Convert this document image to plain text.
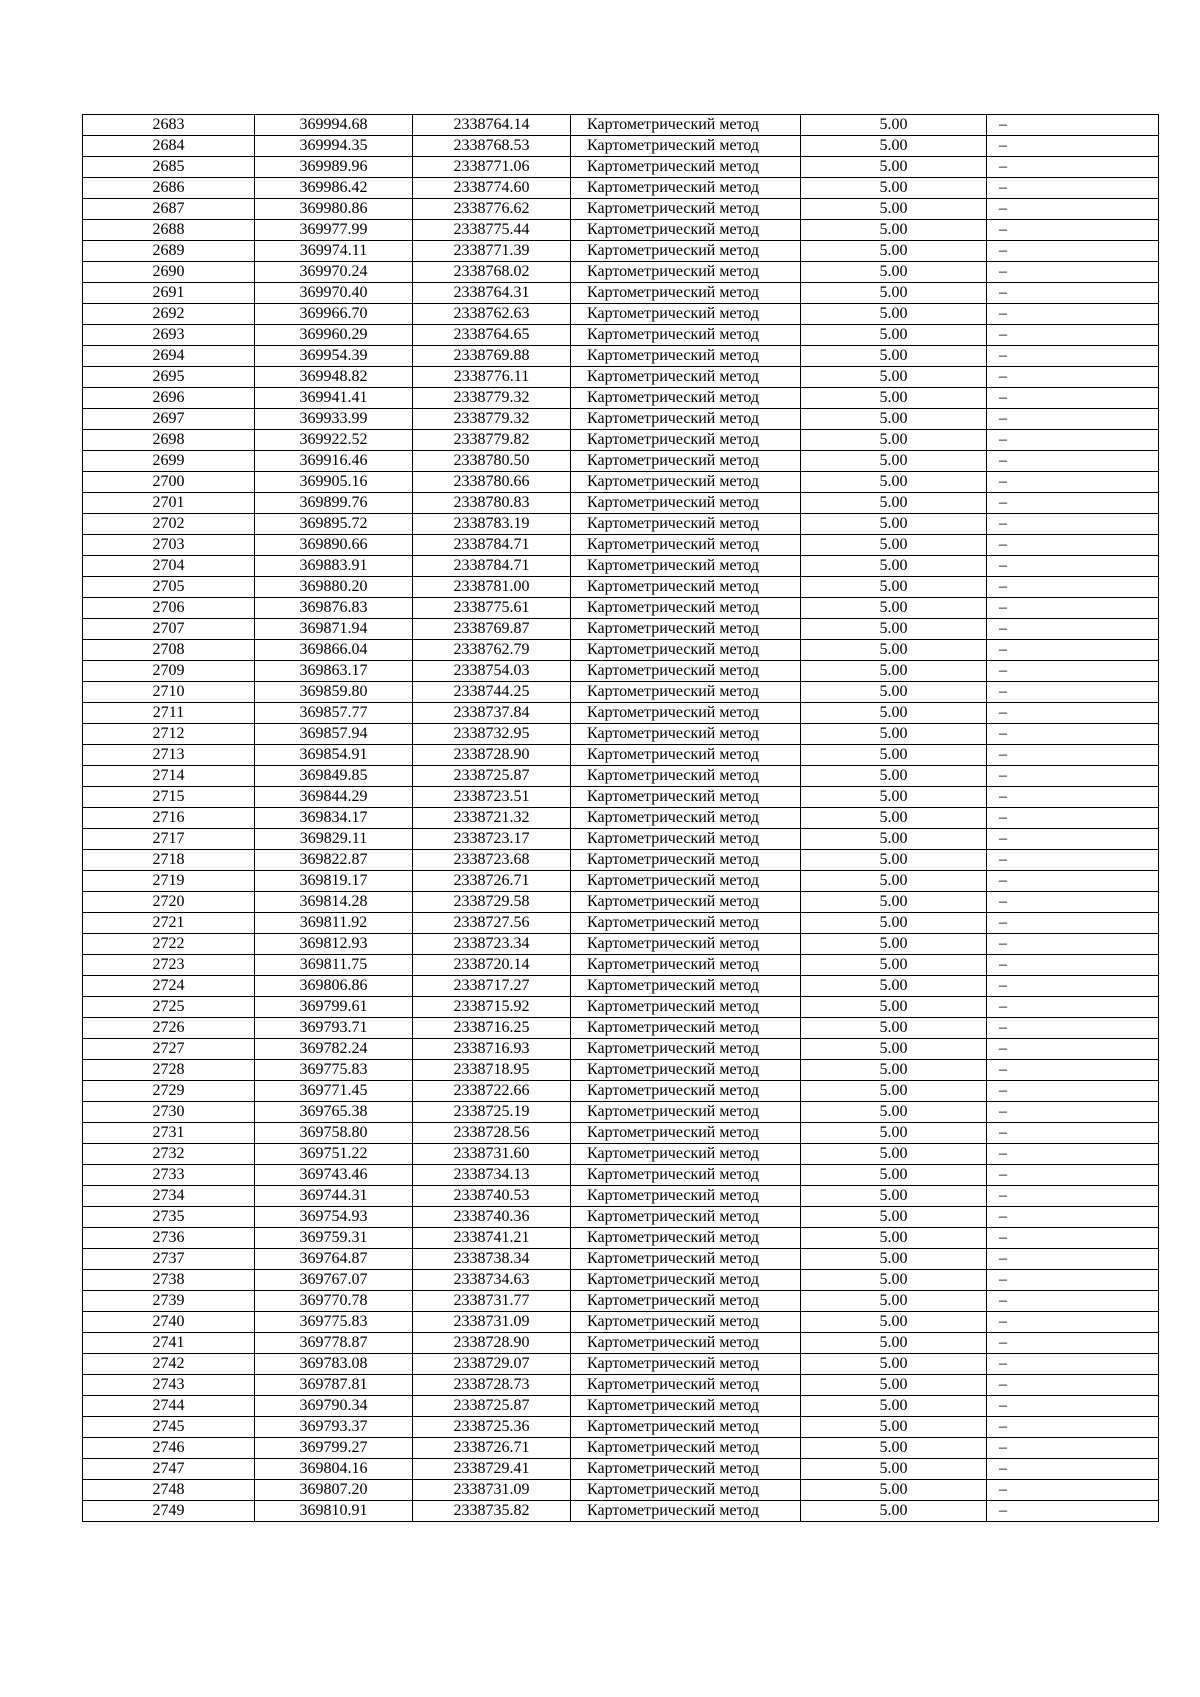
2683	369994.68	2338764.14	Картометрический метод	5.00	–
2684	369994.35	2338768.53	Картометрический метод	5.00	–
2685	369989.96	2338771.06	Картометрический метод	5.00	–
2686	369986.42	2338774.60	Картометрический метод	5.00	–
2687	369980.86	2338776.62	Картометрический метод	5.00	–
2688	369977.99	2338775.44	Картометрический метод	5.00	–
2689	369974.11	2338771.39	Картометрический метод	5.00	–
2690	369970.24	2338768.02	Картометрический метод	5.00	–
2691	369970.40	2338764.31	Картометрический метод	5.00	–
2692	369966.70	2338762.63	Картометрический метод	5.00	–
2693	369960.29	2338764.65	Картометрический метод	5.00	–
2694	369954.39	2338769.88	Картометрический метод	5.00	–
2695	369948.82	2338776.11	Картометрический метод	5.00	–
2696	369941.41	2338779.32	Картометрический метод	5.00	–
2697	369933.99	2338779.32	Картометрический метод	5.00	–
2698	369922.52	2338779.82	Картометрический метод	5.00	–
2699	369916.46	2338780.50	Картометрический метод	5.00	–
2700	369905.16	2338780.66	Картометрический метод	5.00	–
2701	369899.76	2338780.83	Картометрический метод	5.00	–
2702	369895.72	2338783.19	Картометрический метод	5.00	–
2703	369890.66	2338784.71	Картометрический метод	5.00	–
2704	369883.91	2338784.71	Картометрический метод	5.00	–
2705	369880.20	2338781.00	Картометрический метод	5.00	–
2706	369876.83	2338775.61	Картометрический метод	5.00	–
2707	369871.94	2338769.87	Картометрический метод	5.00	–
2708	369866.04	2338762.79	Картометрический метод	5.00	–
2709	369863.17	2338754.03	Картометрический метод	5.00	–
2710	369859.80	2338744.25	Картометрический метод	5.00	–
2711	369857.77	2338737.84	Картометрический метод	5.00	–
2712	369857.94	2338732.95	Картометрический метод	5.00	–
2713	369854.91	2338728.90	Картометрический метод	5.00	–
2714	369849.85	2338725.87	Картометрический метод	5.00	–
2715	369844.29	2338723.51	Картометрический метод	5.00	–
2716	369834.17	2338721.32	Картометрический метод	5.00	–
2717	369829.11	2338723.17	Картометрический метод	5.00	–
2718	369822.87	2338723.68	Картометрический метод	5.00	–
2719	369819.17	2338726.71	Картометрический метод	5.00	–
2720	369814.28	2338729.58	Картометрический метод	5.00	–
2721	369811.92	2338727.56	Картометрический метод	5.00	–
2722	369812.93	2338723.34	Картометрический метод	5.00	–
2723	369811.75	2338720.14	Картометрический метод	5.00	–
2724	369806.86	2338717.27	Картометрический метод	5.00	–
2725	369799.61	2338715.92	Картометрический метод	5.00	–
2726	369793.71	2338716.25	Картометрический метод	5.00	–
2727	369782.24	2338716.93	Картометрический метод	5.00	–
2728	369775.83	2338718.95	Картометрический метод	5.00	–
2729	369771.45	2338722.66	Картометрический метод	5.00	–
2730	369765.38	2338725.19	Картометрический метод	5.00	–
2731	369758.80	2338728.56	Картометрический метод	5.00	–
2732	369751.22	2338731.60	Картометрический метод	5.00	–
2733	369743.46	2338734.13	Картометрический метод	5.00	–
2734	369744.31	2338740.53	Картометрический метод	5.00	–
2735	369754.93	2338740.36	Картометрический метод	5.00	–
2736	369759.31	2338741.21	Картометрический метод	5.00	–
2737	369764.87	2338738.34	Картометрический метод	5.00	–
2738	369767.07	2338734.63	Картометрический метод	5.00	–
2739	369770.78	2338731.77	Картометрический метод	5.00	–
2740	369775.83	2338731.09	Картометрический метод	5.00	–
2741	369778.87	2338728.90	Картометрический метод	5.00	–
2742	369783.08	2338729.07	Картометрический метод	5.00	–
2743	369787.81	2338728.73	Картометрический метод	5.00	–
2744	369790.34	2338725.87	Картометрический метод	5.00	–
2745	369793.37	2338725.36	Картометрический метод	5.00	–
2746	369799.27	2338726.71	Картометрический метод	5.00	–
2747	369804.16	2338729.41	Картометрический метод	5.00	–
2748	369807.20	2338731.09	Картометрический метод	5.00	–
2749	369810.91	2338735.82	Картометрический метод	5.00	–
